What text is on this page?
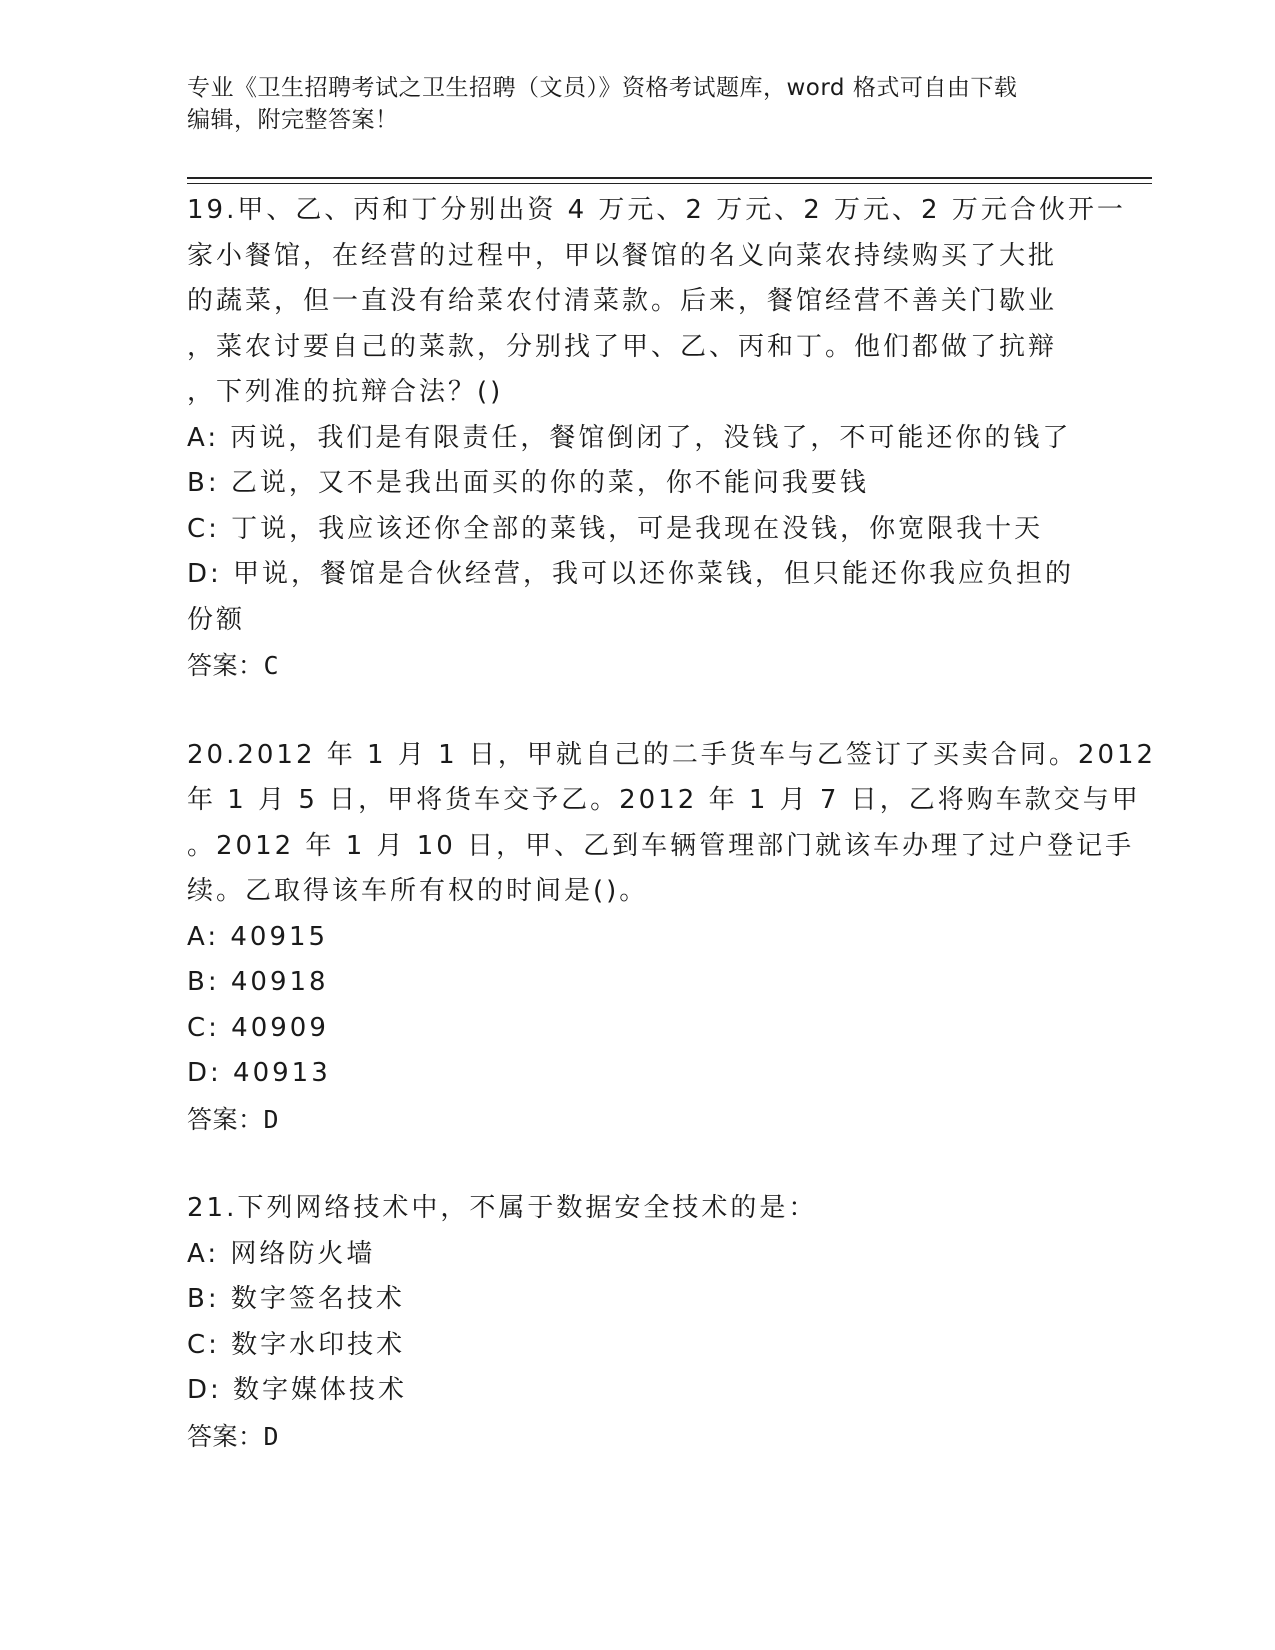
专业《卫生招聘考试之卫生招聘（文员）》资格考试题库，word 格式可自由下载
编辑，附完整答案！
19.甲、乙、丙和丁分别出资 4 万元、2 万元、2 万元、2 万元合伙开一
家小餐馆，在经营的过程中，甲以餐馆的名义向菜农持续购买了大批
的蔬菜，但一直没有给菜农付清菜款。后来，餐馆经营不善关门歇业
，菜农讨要自己的菜款，分别找了甲、乙、丙和丁。他们都做了抗辩
，下列准的抗辩合法？()
A: 丙说，我们是有限责任，餐馆倒闭了，没钱了，不可能还你的钱了
B: 乙说，又不是我出面买的你的菜，你不能问我要钱
C: 丁说，我应该还你全部的菜钱，可是我现在没钱，你宽限我十天
D: 甲说，餐馆是合伙经营，我可以还你菜钱，但只能还你我应负担的
份额
答案：C
20.2012 年 1 月 1 日，甲就自己的二手货车与乙签订了买卖合同。2012
年 1 月 5 日，甲将货车交予乙。2012 年 1 月 7 日，乙将购车款交与甲
。2012 年 1 月 10 日，甲、乙到车辆管理部门就该车办理了过户登记手
续。乙取得该车所有权的时间是()。
A: 40915
B: 40918
C: 40909
D: 40913
答案：D
21.下列网络技术中，不属于数据安全技术的是：
A: 网络防火墙
B: 数字签名技术
C: 数字水印技术
D: 数字媒体技术
答案：D
